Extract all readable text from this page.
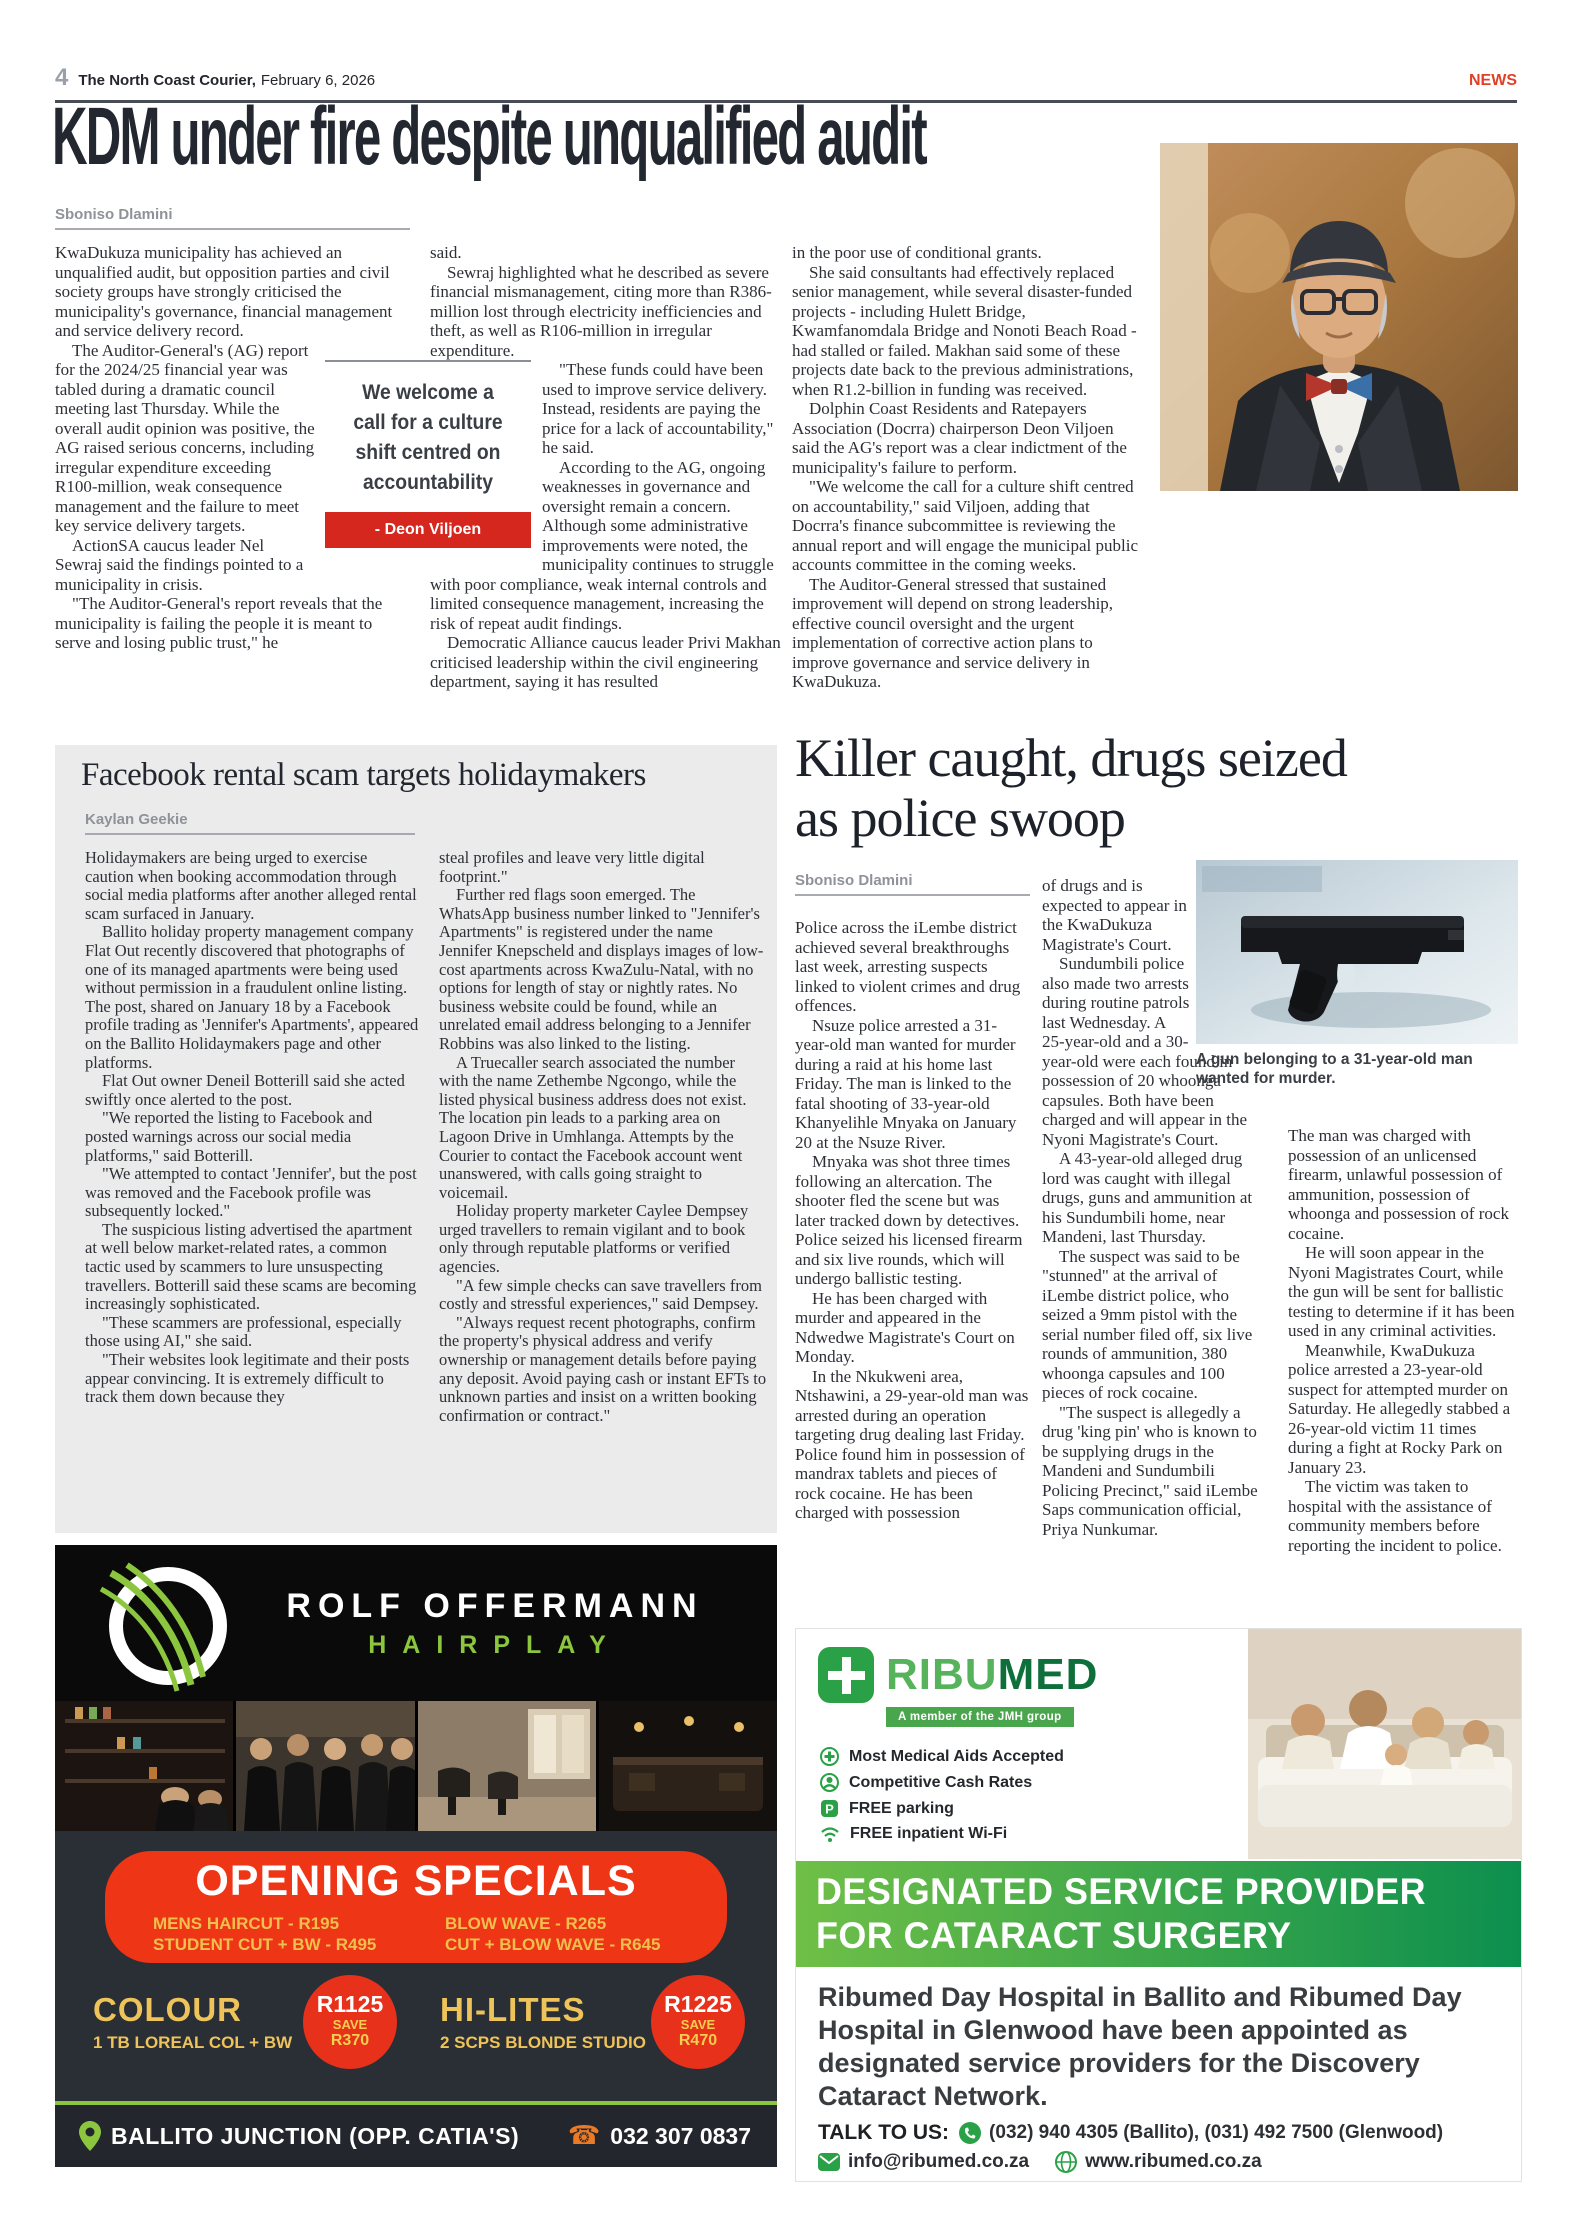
4 The North Coast Courier, February 6, 2026	NEWS
KDM under fire despite unqualified audit
Sboniso Dlamini

KwaDukuza municipality has achieved an unqualified audit, but opposition parties and civil society groups have strongly criticised the municipality's governance, financial management and service delivery record.

The Auditor-General's (AG) report for the 2024/25 financial year was tabled during a dramatic council meeting last Thursday. While the overall audit opinion was positive, the AG raised serious concerns, including irregular expenditure exceeding R100-million, weak consequence management and the failure to meet key service delivery targets.

ActionSA caucus leader Nel Sewraj said the findings pointed to a municipality in crisis.

"The Auditor-General's report reveals that the municipality is failing the people it is meant to serve and losing public trust," he

said.

Sewraj highlighted what he described as severe financial mismanagement, citing more than R386-million lost through electricity inefficiencies and theft, as well as R106-million in irregular expenditure.

"These funds could have been used to improve service delivery. Instead, residents are paying the price for a lack of accountability," he said.

According to the AG, ongoing weaknesses in governance and oversight remain a concern. Although some administrative improvements were noted, the municipality continues to struggle with poor compliance, weak internal controls and limited consequence management, increasing the risk of repeat audit findings.

Democratic Alliance caucus leader Privi Makhan criticised leadership within the civil engineering department, saying it has resulted

in the poor use of conditional grants.

She said consultants had effectively replaced senior management, while several disaster-funded projects - including Hulett Bridge, Kwamfanomdala Bridge and Nonoti Beach Road - had stalled or failed. Makhan said some of these projects date back to the previous administrations, when R1.2-billion in funding was received.

Dolphin Coast Residents and Ratepayers Association (Docrra) chairperson Deon Viljoen said the AG's report was a clear indictment of the municipality's failure to perform.

"We welcome the call for a culture shift centred on accountability," said Viljoen, adding that Docrra's finance subcommittee is reviewing the annual report and will engage the municipal public accounts committee in the coming weeks.

The Auditor-General stressed that sustained improvement will depend on strong leadership, effective council oversight and the urgent implementation of corrective action plans to improve governance and service delivery in KwaDukuza.

We welcome a call for a culture shift centred on accountability
- Deon Viljoen
Facebook rental scam targets holidaymakers
Kaylan Geekie

Holidaymakers are being urged to exercise caution when booking accommodation through social media platforms after another alleged rental scam surfaced in January.

Ballito holiday property management company Flat Out recently discovered that photographs of one of its managed apartments were being used without permission in a fraudulent online listing. The post, shared on January 18 by a Facebook profile trading as 'Jennifer's Apartments', appeared on the Ballito Holidaymakers page and other platforms.

Flat Out owner Deneil Botterill said she acted swiftly once alerted to the post.

"We reported the listing to Facebook and posted warnings across our social media platforms," said Botterill.

"We attempted to contact 'Jennifer', but the post was removed and the Facebook profile was subsequently locked."

The suspicious listing advertised the apartment at well below market-related rates, a common tactic used by scammers to lure unsuspecting travellers. Botterill said these scams are becoming increasingly sophisticated.

"These scammers are professional, especially those using AI," she said.

"Their websites look legitimate and their posts appear convincing. It is extremely difficult to track them down because they

steal profiles and leave very little digital footprint."

Further red flags soon emerged. The WhatsApp business number linked to "Jennifer's Apartments" is registered under the name Jennifer Knepscheld and displays images of low-cost apartments across KwaZulu-Natal, with no options for length of stay or nightly rates. No business website could be found, while an unrelated email address belonging to a Jennifer Robbins was also linked to the listing.

A Truecaller search associated the number with the name Zethembe Ngcongo, while the listed physical business address does not exist. The location pin leads to a parking area on Lagoon Drive in Umhlanga. Attempts by the Courier to contact the Facebook account went unanswered, with calls going straight to voicemail.

Holiday property marketer Caylee Dempsey urged travellers to remain vigilant and to book only through reputable platforms or verified agencies.

"A few simple checks can save travellers from costly and stressful experiences," said Dempsey.

"Always request recent photographs, confirm the property's physical address and verify ownership or management details before paying any deposit. Avoid paying cash or instant EFTs to unknown parties and insist on a written booking confirmation or contract."

Killer caught, drugs seized
as police swoop
Sboniso Dlamini

Police across the iLembe district achieved several breakthroughs last week, arresting suspects linked to violent crimes and drug offences.

Nsuze police arrested a 31-year-old man wanted for murder during a raid at his home last Friday. The man is linked to the fatal shooting of 33-year-old Khanyelihle Mnyaka on January 20 at the Nsuze River.

Mnyaka was shot three times following an altercation. The shooter fled the scene but was later tracked down by detectives. Police seized his licensed firearm and six live rounds, which will undergo ballistic testing.

He has been charged with murder and appeared in the Ndwedwe Magistrate's Court on Monday.

In the Nkukweni area, Ntshawini, a 29-year-old man was arrested during an operation targeting drug dealing last Friday. Police found him in possession of mandrax tablets and pieces of rock cocaine. He has been charged with possession

of drugs and is expected to appear in the KwaDukuza Magistrate's Court.

Sundumbili police also made two arrests during routine patrols last Wednesday. A 25-year-old and a 30-year-old were each found in possession of 20 whoonga capsules. Both have been charged and will appear in the Nyoni Magistrate's Court.

A 43-year-old alleged drug lord was caught with illegal drugs, guns and ammunition at his Sundumbili home, near Mandeni, last Thursday.

The suspect was said to be "stunned" at the arrival of iLembe district police, who seized a 9mm pistol with the serial number filed off, six live rounds of ammunition, 380 whoonga capsules and 100 pieces of rock cocaine.

"The suspect is allegedly a drug 'king pin' who is known to be supplying drugs in the Mandeni and Sundumbili Policing Precinct," said iLembe Saps communication official, Priya Nunkumar.

The man was charged with possession of an unlicensed firearm, unlawful possession of ammunition, possession of whoonga and possession of rock cocaine.

He will soon appear in the Nyoni Magistrates Court, while the gun will be sent for ballistic testing to determine if it has been used in any criminal activities.

Meanwhile, KwaDukuza police arrested a 23-year-old suspect for attempted murder on Saturday. He allegedly stabbed a 26-year-old victim 11 times during a fight at Rocky Park on January 23.

The victim was taken to hospital with the assistance of community members before reporting the incident to police.

A gun belonging to a 31-year-old man wanted for murder.
ROLF OFFERMANN
HAIRPLAY
OPENING SPECIALS
MENS HAIRCUT - R195
STUDENT CUT + BW - R495
BLOW WAVE - R265
CUT + BLOW WAVE - R645
COLOUR
1 TB LOREAL COL + BW
R1125
SAVE
R370
HI-LITES
2 SCPS BLONDE STUDIO
R1225
SAVE
R470
BALLITO JUNCTION (OPP. CATIA'S) ☎ 032 307 0837
RIBUMED
A member of the JMH group
Most Medical Aids Accepted
Competitive Cash Rates
P FREE parking
FREE inpatient Wi-Fi
DESIGNATED SERVICE PROVIDER
FOR CATARACT SURGERY
Ribumed Day Hospital in Ballito and Ribumed Day Hospital in Glenwood have been appointed as designated service providers for the Discovery Cataract Network.
TALK TO US: (032) 940 4305 (Ballito), (031) 492 7500 (Glenwood)
info@ribumed.co.za	www.ribumed.co.za
